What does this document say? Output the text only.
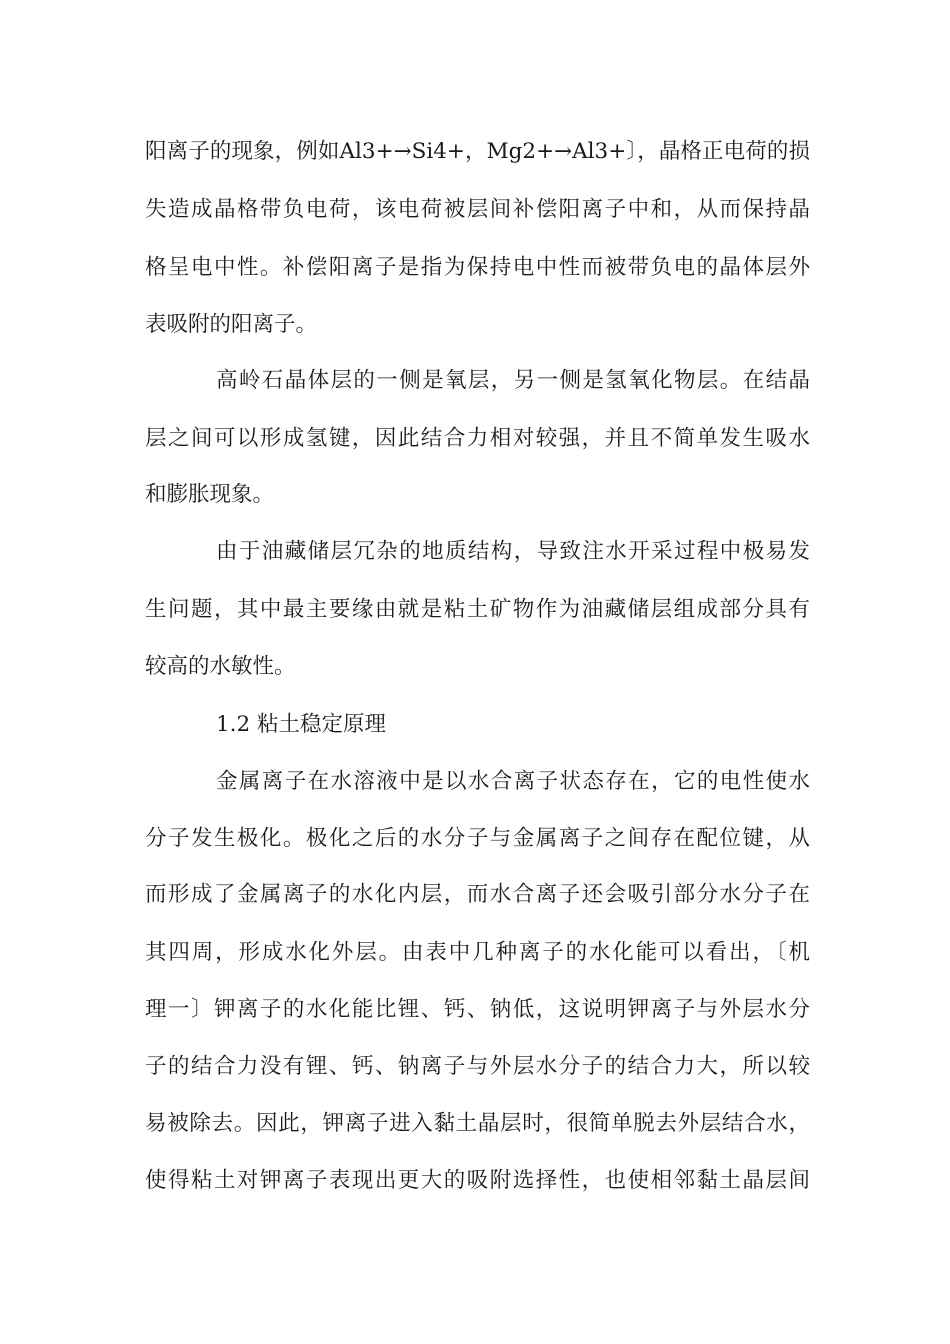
阳离子的现象，例如Al3+→Si4+，Mg2+→Al3+〕，晶格正电荷的损
失造成晶格带负电荷，该电荷被层间补偿阳离子中和，从而保持晶
格呈电中性。补偿阳离子是指为保持电中性而被带负电的晶体层外
表吸附的阳离子。
高岭石晶体层的一侧是氧层，另一侧是氢氧化物层。在结晶
层之间可以形成氢键，因此结合力相对较强，并且不简单发生吸水
和膨胀现象。
由于油藏储层冗杂的地质结构，导致注水开采过程中极易发
生问题，其中最主要缘由就是粘土矿物作为油藏储层组成部分具有
较高的水敏性。
1.2 粘土稳定原理
金属离子在水溶液中是以水合离子状态存在，它的电性使水
分子发生极化。极化之后的水分子与金属离子之间存在配位键，从
而形成了金属离子的水化内层，而水合离子还会吸引部分水分子在
其四周，形成水化外层。由表中几种离子的水化能可以看出，〔机
理一〕钾离子的水化能比锂、钙、钠低，这说明钾离子与外层水分
子的结合力没有锂、钙、钠离子与外层水分子的结合力大，所以较
易被除去。因此，钾离子进入黏土晶层时，很简单脱去外层结合水，
使得粘土对钾离子表现出更大的吸附选择性，也使相邻黏土晶层间
